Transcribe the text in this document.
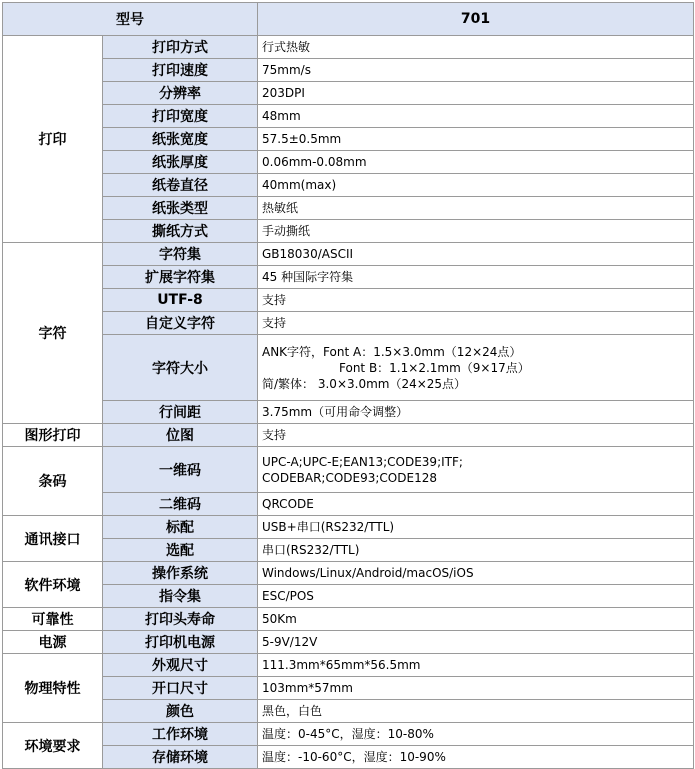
型号		701
打印	打印方式	行式热敏
	打印速度	75mm/s
	分辨率	203DPI
	打印宽度	48mm
	纸张宽度	57.5±0.5mm
	纸张厚度	0.06mm-0.08mm
	纸卷直径	40mm(max)
	纸张类型	热敏纸
	撕纸方式	手动撕纸
字符	字符集	GB18030/ASCII
	扩展字符集	45 种国际字符集
	UTF-8	支持
	自定义字符	支持
	字符大小	ANK字符，Font A：1.5×3.0mm（12×24点）
Font B：1.1×2.1mm（9×17点）
简/繁体： 3.0×3.0mm（24×25点）

	行间距	3.75mm（可用命令调整）
图形打印	位图	支持
条码	一维码	UPC-A;UPC-E;EAN13;CODE39;ITF;
CODEBAR;CODE93;CODE128

	二维码	QRCODE
通讯接口	标配	USB+串口(RS232/TTL)
	选配	串口(RS232/TTL)
软件环境	操作系统	Windows/Linux/Android/macOS/iOS
	指令集	ESC/POS
可靠性	打印头寿命	50Km
电源	打印机电源	5-9V/12V
物理特性	外观尺寸	111.3mm*65mm*56.5mm
	开口尺寸	103mm*57mm
	颜色	黑色，白色
环境要求	工作环境	温度：0-45°C，湿度：10-80%
	存储环境	温度：-10-60°C，湿度：10-90%
